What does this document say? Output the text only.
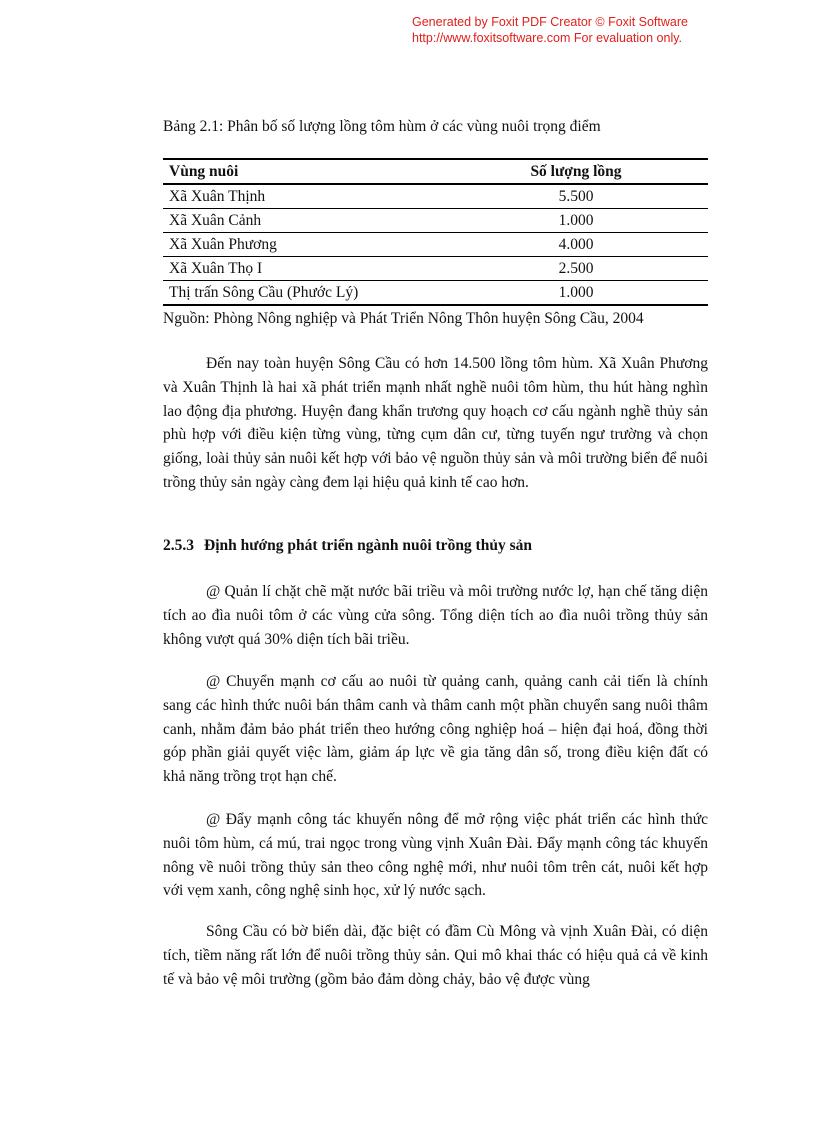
Generated by Foxit PDF Creator © Foxit Software
http://www.foxitsoftware.com For evaluation only.
Bảng 2.1: Phân bố số lượng lồng tôm hùm ở các vùng nuôi trọng điểm
Vùng nuôi	Số lượng lồng
Xã Xuân Thịnh	5.500
Xã Xuân Cảnh	1.000
Xã Xuân Phương	4.000
Xã Xuân Thọ I	2.500
Thị trấn Sông Cầu (Phước Lý)	1.000
Nguồn: Phòng Nông nghiệp và Phát Triển Nông Thôn huyện Sông Cầu, 2004

Đến nay toàn huyện Sông Cầu có hơn 14.500 lồng tôm hùm. Xã Xuân Phương và Xuân Thịnh là hai xã phát triển mạnh nhất nghề nuôi tôm hùm, thu hút hàng nghìn lao động địa phương. Huyện đang khẩn trương quy hoạch cơ cấu ngành nghề thủy sản phù hợp với điều kiện từng vùng, từng cụm dân cư, từng tuyến ngư trường và chọn giống, loài thủy sản nuôi kết hợp với bảo vệ nguồn thủy sản và môi trường biển để nuôi trồng thủy sản ngày càng đem lại hiệu quả kinh tế cao hơn.

2.5.3 Định hướng phát triển ngành nuôi trồng thủy sản

@ Quản lí chặt chẽ mặt nước bãi triều và môi trường nước lợ, hạn chế tăng diện tích ao đìa nuôi tôm ở các vùng cửa sông. Tổng diện tích ao đìa nuôi trồng thủy sản không vượt quá 30% diện tích bãi triều.

@ Chuyển mạnh cơ cấu ao nuôi từ quảng canh, quảng canh cải tiến là chính sang các hình thức nuôi bán thâm canh và thâm canh một phần chuyển sang nuôi thâm canh, nhằm đảm bảo phát triển theo hướng công nghiệp hoá – hiện đại hoá, đồng thời góp phần giải quyết việc làm, giảm áp lực về gia tăng dân số, trong điều kiện đất có khả năng trồng trọt hạn chế.

@ Đẩy mạnh công tác khuyến nông để mở rộng việc phát triển các hình thức nuôi tôm hùm, cá mú, trai ngọc trong vùng vịnh Xuân Đài. Đẩy mạnh công tác khuyến nông về nuôi trồng thủy sản theo công nghệ mới, như nuôi tôm trên cát, nuôi kết hợp với vẹm xanh, công nghệ sinh học, xử lý nước sạch.

Sông Cầu có bờ biển dài, đặc biệt có đầm Cù Mông và vịnh Xuân Đài, có diện tích, tiềm năng rất lớn để nuôi trồng thủy sản. Qui mô khai thác có hiệu quả cả về kinh tế và bảo vệ môi trường (gồm bảo đảm dòng chảy, bảo vệ được vùng
